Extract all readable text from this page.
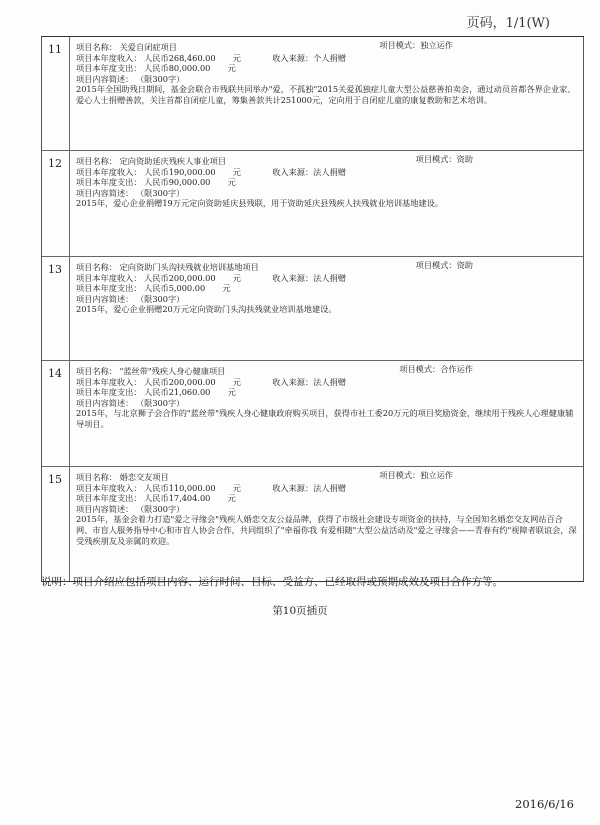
页码，1/1(W)
11	项目模式：独立运作
项目名称： 关爱自闭症项目
项目本年度收入： 人民币268,460.00 元	收入来源：个人捐赠
项目本年度支出： 人民币80,000.00 元
项目内容简述： （限300字）
2015年全国助残日期间，基金会联合市残联共同举办"爱，不孤独"2015关爱孤独症儿童大型公益慈善拍卖会，通过动员首都各界企业家、爱心人士捐赠善款，关注首都自闭症儿童，筹集善款共计251000元，定向用于自闭症儿童的康复教助和艺术培训。
12	项目模式：资助
项目名称： 定向资助延庆残疾人事业项目
项目本年度收入： 人民币190,000.00 元	收入来源：法人捐赠
项目本年度支出： 人民币90,000.00 元
项目内容简述： （限300字）
2015年，爱心企业捐赠19万元定向资助延庆县残联，用于资助延庆县残疾人扶残就业培训基地建设。
13	项目模式：资助
项目名称： 定向资助门头沟扶残就业培训基地项目
项目本年度收入： 人民币200,000.00 元	收入来源：法人捐赠
项目本年度支出： 人民币5,000.00 元
项目内容简述： （限300字）
2015年，爱心企业捐赠20万元定向资助门头沟扶残就业培训基地建设。
14	项目模式：合作运作
项目名称： "蓝丝带"残疾人身心健康项目
项目本年度收入： 人民币200,000.00 元	收入来源：法人捐赠
项目本年度支出： 人民币21,060.00 元
项目内容简述： （限300字）
2015年，与北京狮子会合作的"蓝丝带"残疾人身心健康政府购买项目，获得市社工委20万元的项目奖励资金，继续用于残疾人心理健康辅导项目。
15	项目模式：独立运作
项目名称： 婚恋交友项目
项目本年度收入： 人民币110,000.00 元	收入来源：法人捐赠
项目本年度支出： 人民币17,404.00 元
项目内容简述： （限300字）
2015年，基金会着力打造"爱之寻缘会"残疾人婚恋交友公益品牌，获得了市级社会建设专项资金的扶持，与全国知名婚恋交友网站百合网、市盲人服务指导中心和市盲人协会合作，共同组织了"牵福你我 有爱相随"大型公益活动及"爱之寻缘会——青春有约"视障者联谊会，深受残疾朋友及亲属的欢迎。
说明：项目介绍应包括项目内容、运行时间、目标、受益方、已经取得或预期成效及项目合作方等。
第10页插页
2016/6/16
